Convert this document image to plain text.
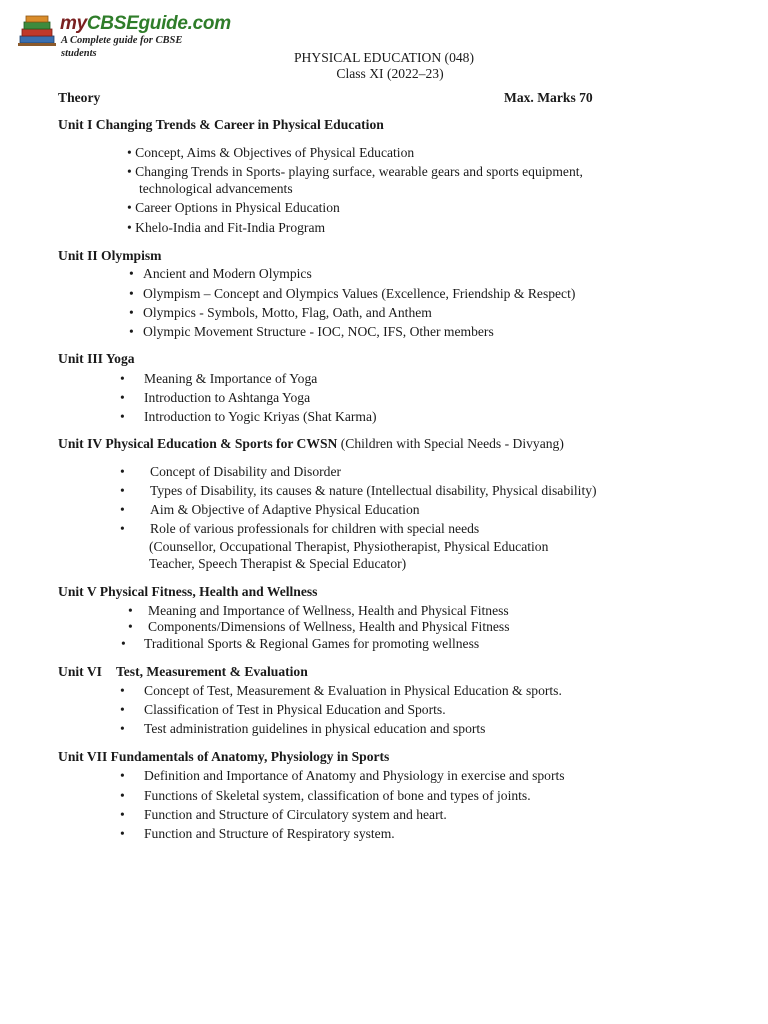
myCBSEguide.com
A Complete guide for CBSE students	PHYSICAL EDUCATION (048)
Class XI (2022–23)
Theory	Max. Marks 70
Unit I Changing Trends & Career in Physical Education
• Concept, Aims & Objectives of Physical Education
• Changing Trends in Sports- playing surface, wearable gears and sports equipment,
technological advancements
• Career Options in Physical Education
• Khelo-India and Fit-India Program
Unit II Olympism
• Ancient and Modern Olympics
• Olympism – Concept and Olympics Values (Excellence, Friendship & Respect)
• Olympics - Symbols, Motto, Flag, Oath, and Anthem
• Olympic Movement Structure - IOC, NOC, IFS, Other members
Unit III Yoga
• Meaning & Importance of Yoga
• Introduction to Ashtanga Yoga
• Introduction to Yogic Kriyas (Shat Karma)
Unit IV Physical Education & Sports for CWSN (Children with Special Needs - Divyang)
• Concept of Disability and Disorder
• Types of Disability, its causes & nature (Intellectual disability, Physical disability)
• Aim & Objective of Adaptive Physical Education
• Role of various professionals for children with special needs
(Counsellor, Occupational Therapist, Physiotherapist, Physical Education
Teacher, Speech Therapist & Special Educator)
Unit V Physical Fitness, Health and Wellness
• Meaning and Importance of Wellness, Health and Physical Fitness
• Components/Dimensions of Wellness, Health and Physical Fitness
• Traditional Sports & Regional Games for promoting wellness
Unit VI Test, Measurement & Evaluation
• Concept of Test, Measurement & Evaluation in Physical Education & sports.
• Classification of Test in Physical Education and Sports.
• Test administration guidelines in physical education and sports
Unit VII Fundamentals of Anatomy, Physiology in Sports
• Definition and Importance of Anatomy and Physiology in exercise and sports
• Functions of Skeletal system, classification of bone and types of joints.
• Function and Structure of Circulatory system and heart.
• Function and Structure of Respiratory system.
